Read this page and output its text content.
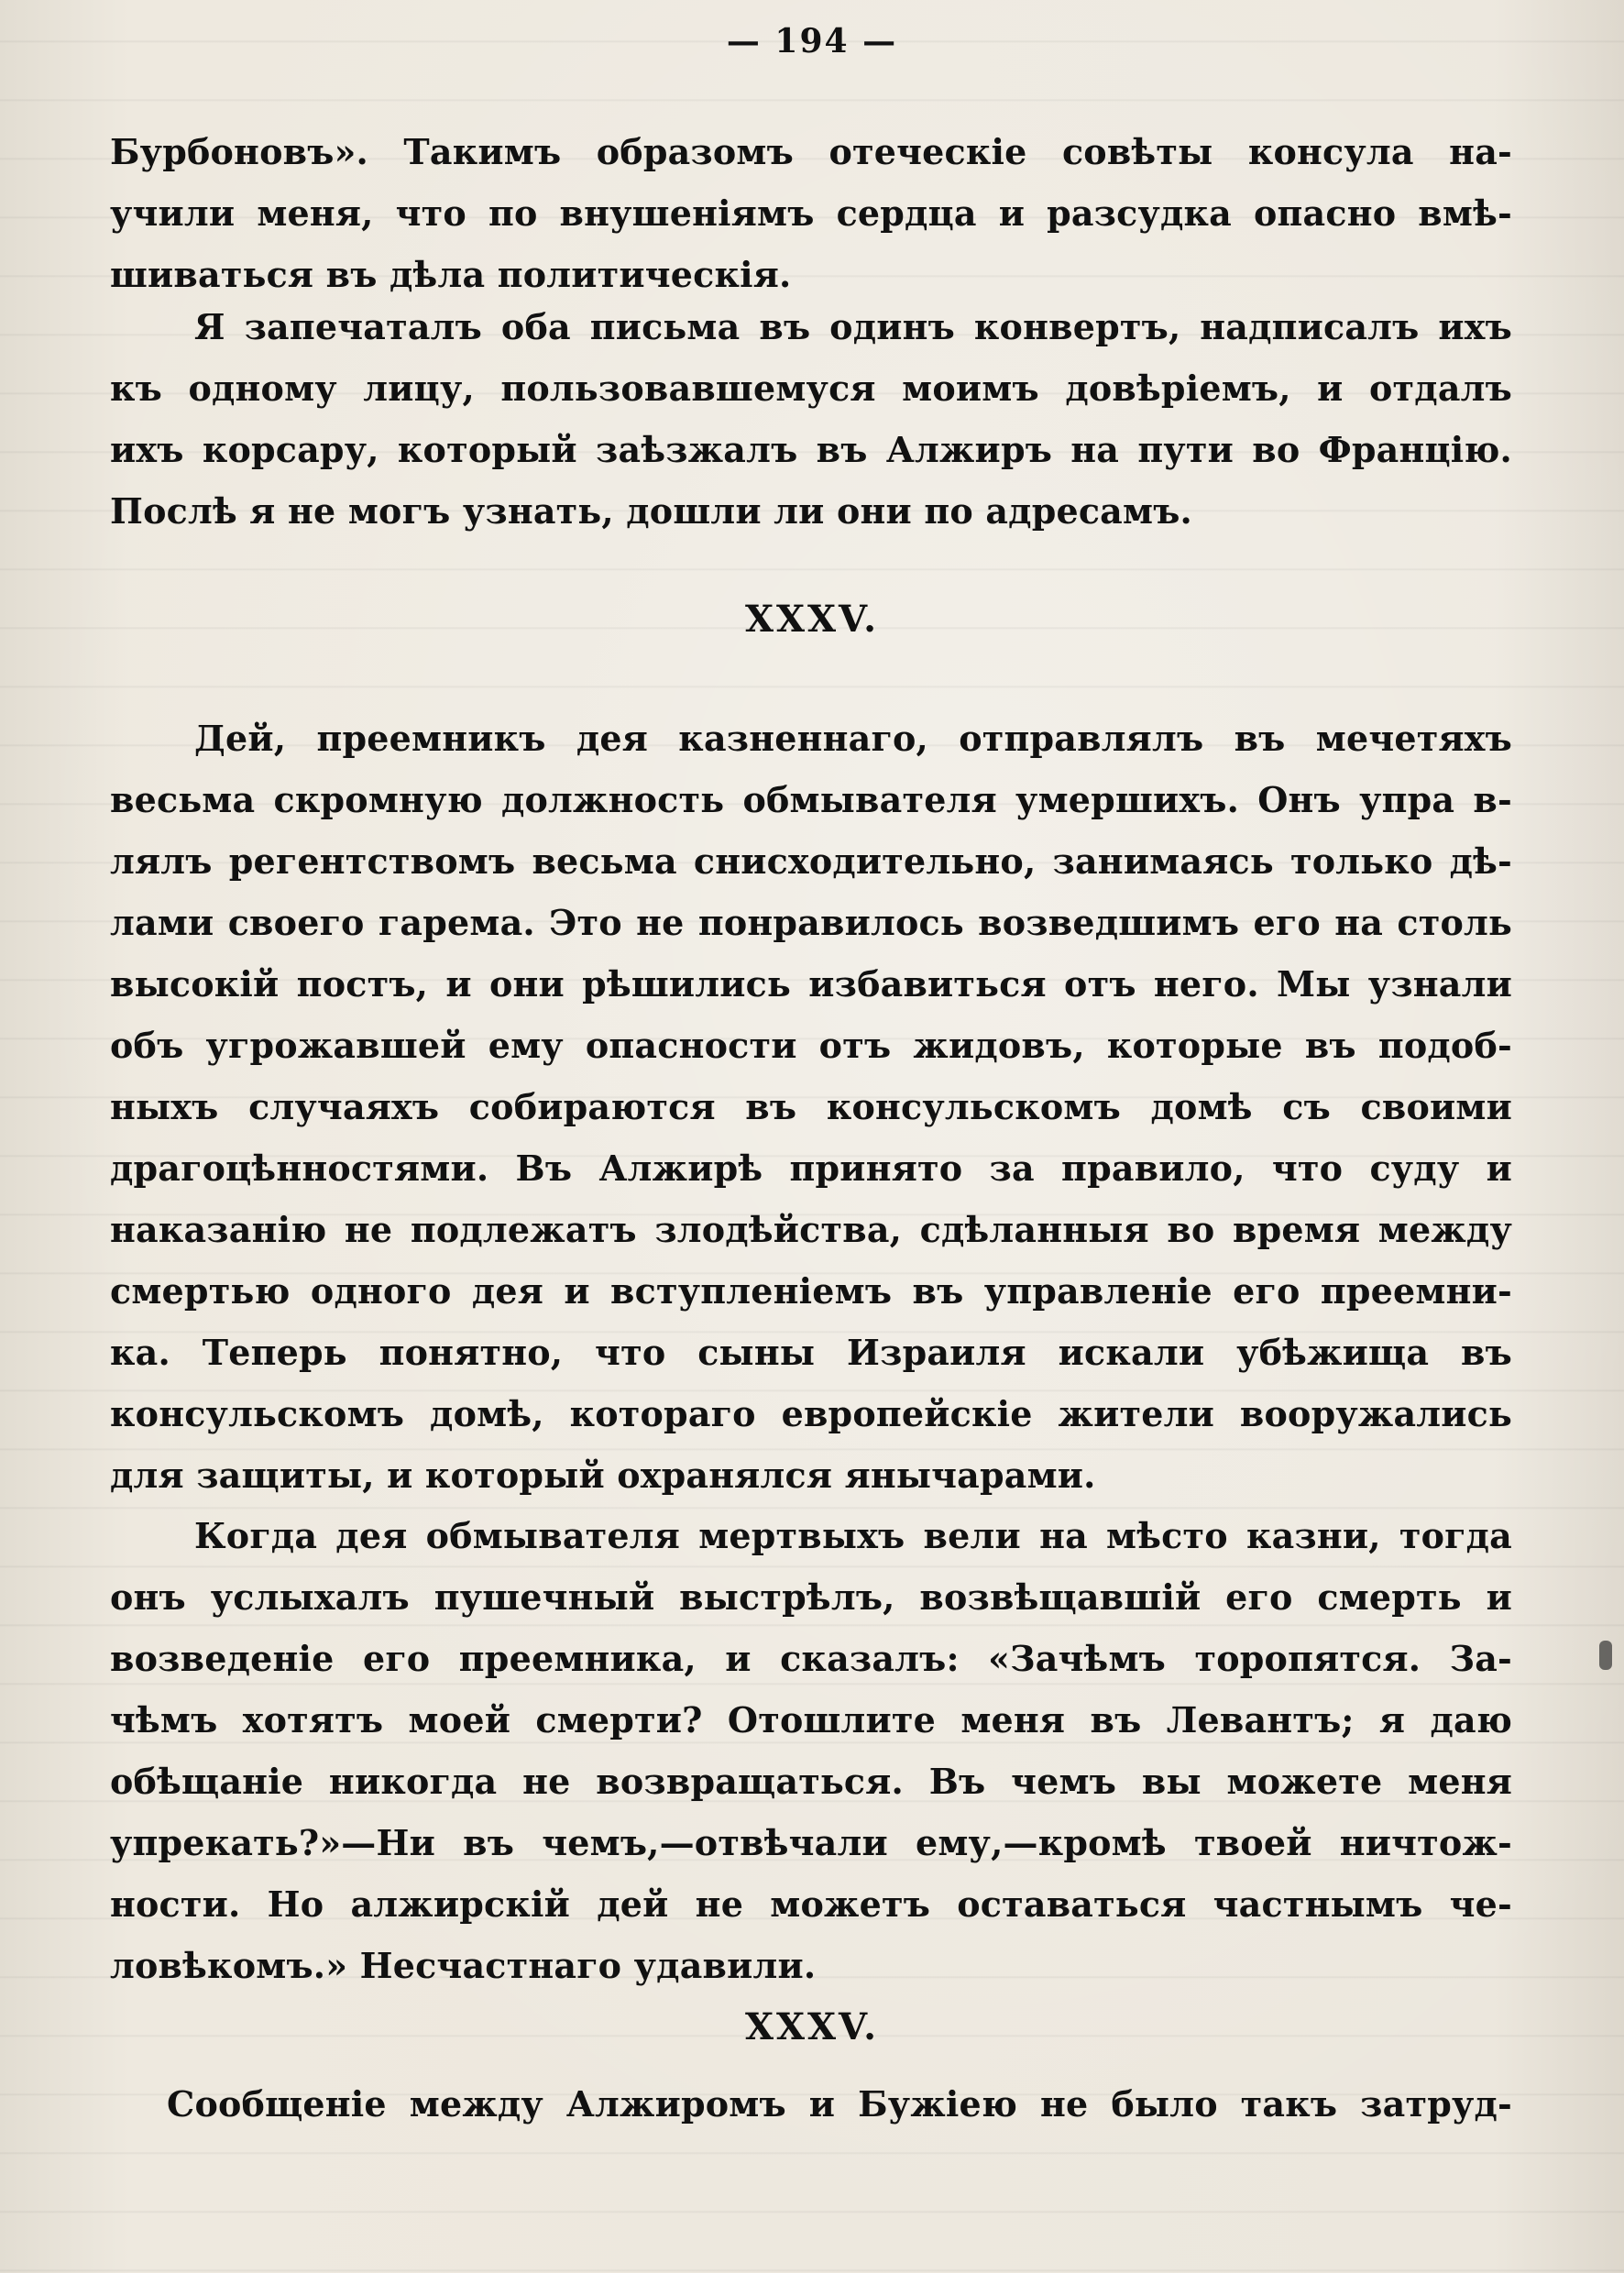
— 194 —
Бурбоновъ». Такимъ образомъ отеческіе совѣты консула на-
учили меня, что по внушеніямъ сердца и разсудка опасно вмѣ-
шиваться въ дѣла политическія.
Я запечаталъ оба письма въ одинъ конвертъ, надписалъ ихъ
къ одному лицу, пользовавшемуся моимъ довѣріемъ, и отдалъ
ихъ корсару, который заѣзжалъ въ Алжиръ на пути во Францію.
Послѣ я не могъ узнать, дошли ли они по адресамъ.
XXXV.
Дей, преемникъ дея казненнаго, отправлялъ въ мечетяхъ
весьма скромную должность обмывателя умершихъ. Онъ упра в-
лялъ регентствомъ весьма снисходительно, занимаясь только дѣ-
лами своего гарема. Это не понравилось возведшимъ его на столь
высокій постъ, и они рѣшились избавиться отъ него. Мы узнали
объ угрожавшей ему опасности отъ жидовъ, которые въ подоб-
ныхъ случаяхъ собираются въ консульскомъ домѣ съ своими
драгоцѣнностями. Въ Алжирѣ принято за правило, что суду и
наказанію не подлежатъ злодѣйства, сдѣланныя во время между
смертью одного дея и вступленіемъ въ управленіе его преемни-
ка. Теперь понятно, что сыны Израиля искали убѣжища въ
консульскомъ домѣ, котораго европейскіе жители вооружались
для защиты, и который охранялся янычарами.
Когда дея обмывателя мертвыхъ вели на мѣсто казни, тогда
онъ услыхалъ пушечный выстрѣлъ, возвѣщавшій его смерть и
возведеніе его преемника, и сказалъ: «Зачѣмъ торопятся. За-
чѣмъ хотятъ моей смерти? Отошлите меня въ Левантъ; я даю
обѣщаніе никогда не возвращаться. Въ чемъ вы можете меня
упрекать?»—Ни въ чемъ,—отвѣчали ему,—кромѣ твоей ничтож-
ности. Но алжирскій дей не можетъ оставаться частнымъ че-
ловѣкомъ.» Несчастнаго удавили.
XXXV.
Сообщеніе между Алжиромъ и Бужіею не было такъ затруд-
